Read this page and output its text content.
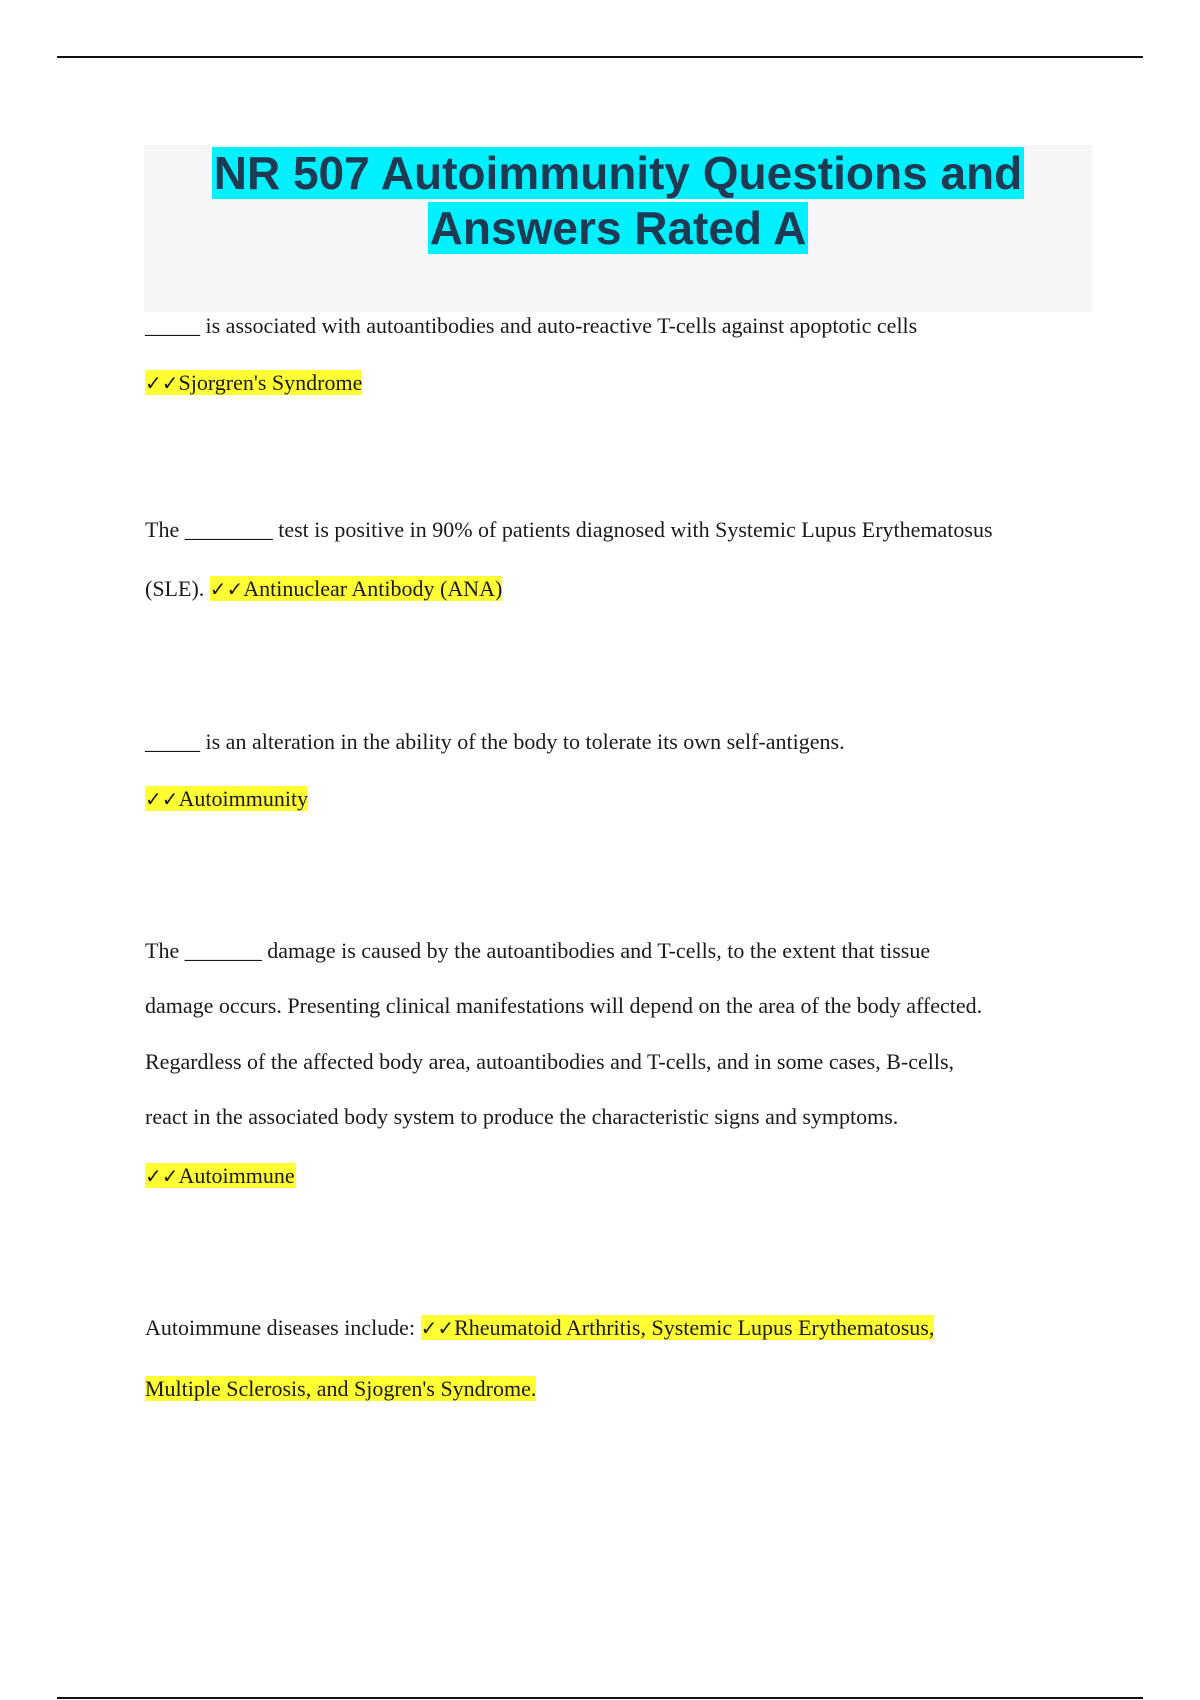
NR 507 Autoimmunity Questions and
Answers Rated A

_____ is associated with autoantibodies and auto-reactive T-cells against apoptotic cells

✓✓Sjorgren's Syndrome

The ________ test is positive in 90% of patients diagnosed with Systemic Lupus Erythematosus

(SLE). ✓✓Antinuclear Antibody (ANA)

_____ is an alteration in the ability of the body to tolerate its own self-antigens.

✓✓Autoimmunity

The _______ damage is caused by the autoantibodies and T-cells, to the extent that tissue

damage occurs. Presenting clinical manifestations will depend on the area of the body affected.

Regardless of the affected body area, autoantibodies and T-cells, and in some cases, B-cells,

react in the associated body system to produce the characteristic signs and symptoms.

✓✓Autoimmune

Autoimmune diseases include: ✓✓Rheumatoid Arthritis, Systemic Lupus Erythematosus,

Multiple Sclerosis, and Sjogren's Syndrome.
